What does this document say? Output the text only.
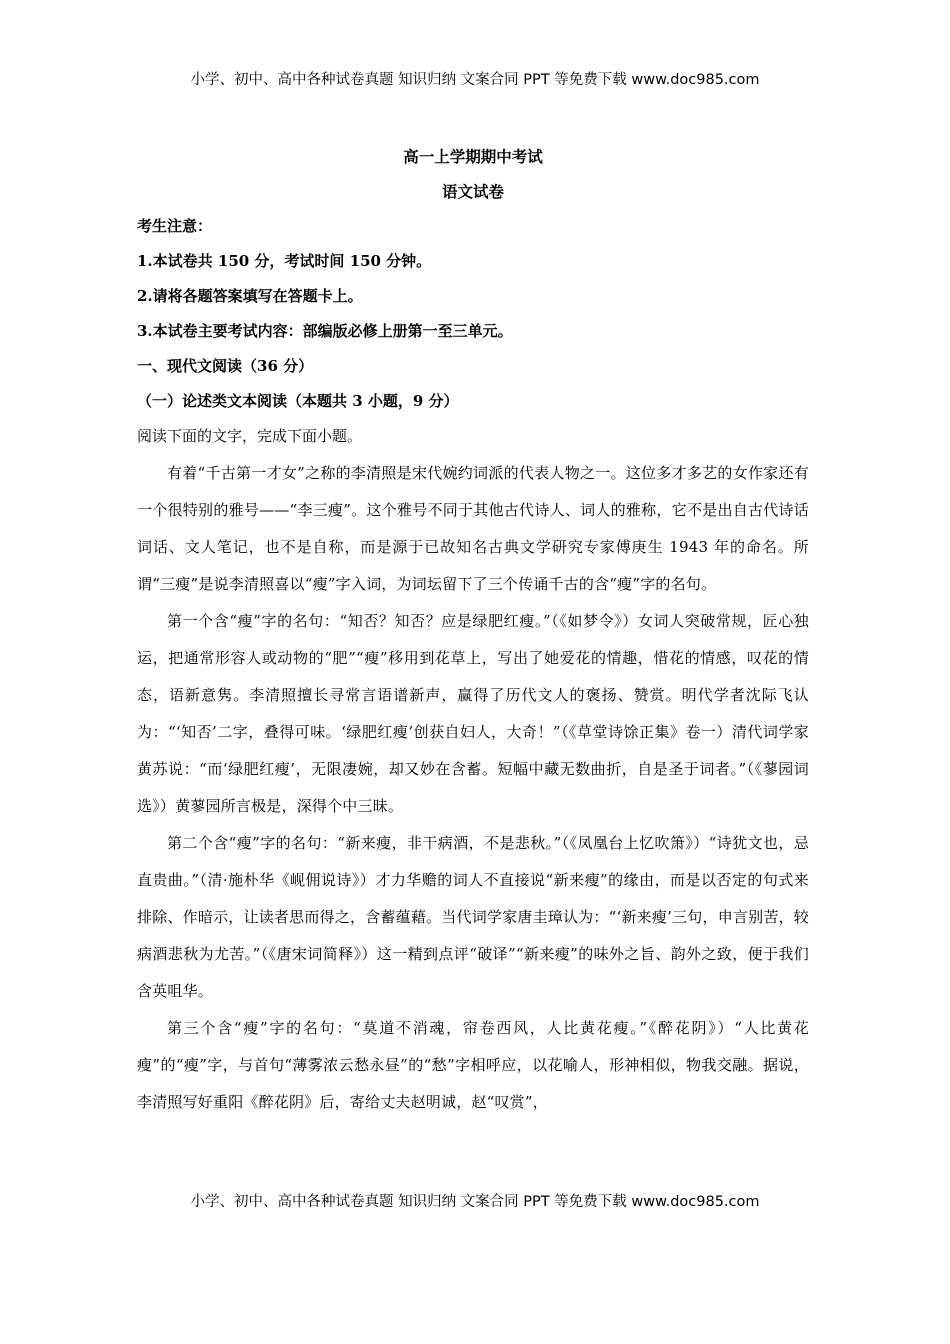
小学、初中、高中各种试卷真题 知识归纳 文案合同 PPT 等免费下载 www.doc985.com
高一上学期期中考试
语文试卷
考生注意：
1.本试卷共 150 分，考试时间 150 分钟。
2.请将各题答案填写在答题卡上。
3.本试卷主要考试内容：部编版必修上册第一至三单元。
一、现代文阅读（36 分）
（一）论述类文本阅读（本题共 3 小题，9 分）
阅读下面的文字，完成下面小题。

有着“千古第一才女”之称的李清照是宋代婉约词派的代表人物之一。这位多才多艺的女作家还有一个很特别的雅号——“李三瘦”。这个雅号不同于其他古代诗人、词人的雅称，它不是出自古代诗话词话、文人笔记，也不是自称，而是源于已故知名古典文学研究专家傅庚生 1943 年的命名。所谓“三瘦”是说李清照喜以“瘦”字入词，为词坛留下了三个传诵千古的含“瘦”字的名句。

第一个含“瘦”字的名句：“知否？知否？应是绿肥红瘦。”（《如梦令》）女词人突破常规，匠心独运，把通常形容人或动物的“肥”“瘦”移用到花草上，写出了她爱花的情趣，惜花的情感，叹花的情态，语新意隽。李清照擅长寻常言语谱新声，赢得了历代文人的褒扬、赞赏。明代学者沈际飞认为：“‘知否’二字，叠得可味。‘绿肥红瘦’创获自妇人，大奇！”（《草堂诗馀正集》卷一）清代词学家黄苏说：“而‘绿肥红瘦’，无限凄婉，却又妙在含蓄。短幅中藏无数曲折，自是圣于词者。”（《蓼园词选》）黄蓼园所言极是，深得个中三昧。

第二个含“瘦”字的名句：“新来瘦，非干病酒，不是悲秋。”（《凤凰台上忆吹箫》）“诗犹文也，忌直贵曲。”（清·施朴华《岘佣说诗》）才力华赡的词人不直接说“新来瘦”的缘由，而是以否定的句式来排除、作暗示，让读者思而得之，含蓄蕴藉。当代词学家唐圭璋认为：“‘新来瘦’三句，申言别苦，较病酒悲秋为尤苦。”（《唐宋词简释》）这一精到点评“破译”“新来瘦”的味外之旨、韵外之致，便于我们含英咀华。

第三个含“瘦”字的名句：“莫道不消魂，帘卷西风，人比黄花瘦。”《醉花阴》）“人比黄花瘦”的“瘦”字，与首句“薄雾浓云愁永昼”的“愁”字相呼应，以花喻人，形神相似，物我交融。据说，李清照写好重阳《醉花阴》后，寄给丈夫赵明诚，赵“叹赏”，

小学、初中、高中各种试卷真题 知识归纳 文案合同 PPT 等免费下载 www.doc985.com
